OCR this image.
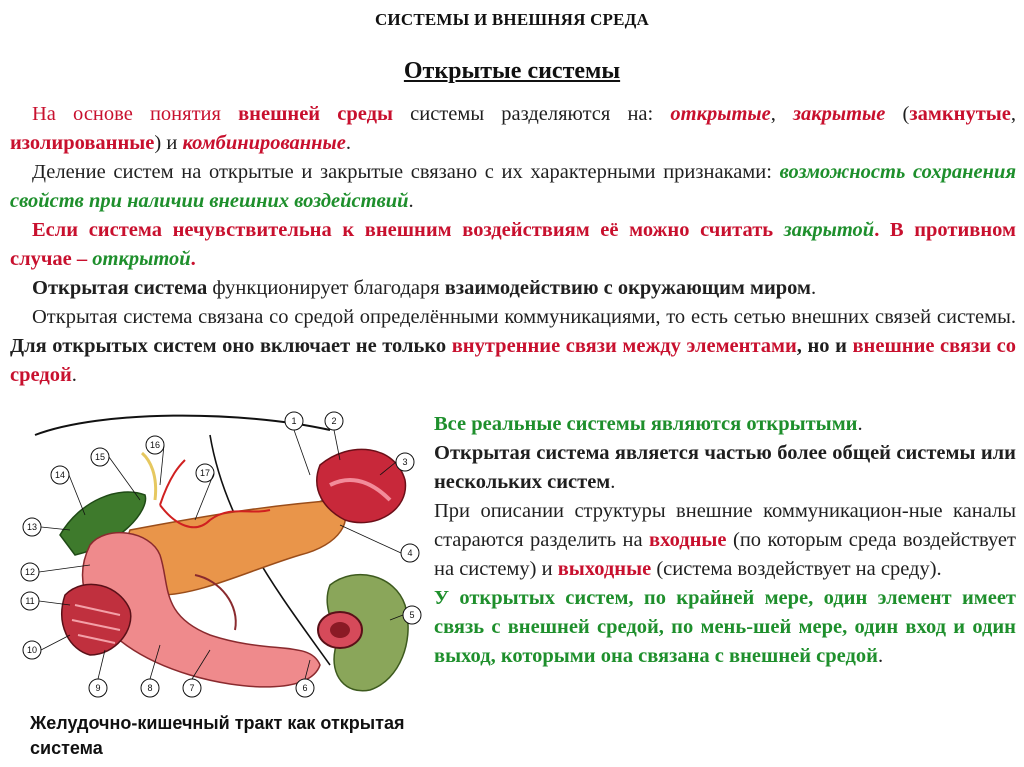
СИСТЕМЫ И ВНЕШНЯЯ СРЕДА
Открытые системы

На основе понятия внешней среды системы разделяются на: открытые, закрытые (замкнутые, изолированные) и комбинированные.

Деление систем на открытые и закрытые связано с их характерными признаками: возможность сохранения свойств при наличии внешних воздействий.

Если система нечувствительна к внешним воздействиям её можно считать закрытой. В противном случае – открытой.

Открытая система функционирует благодаря взаимодействию с окружающим миром.

Открытая система связана со средой определёнными коммуникациями, то есть сетью внешних связей системы. Для открытых систем оно включает не только внутренние связи между элементами, но и внешние связи со средой.

1	2
3
4
5
6
7
8
9
10
11
12
13
14
15
16
17
Желудочно-кишечный тракт как открытая система

Все реальные системы являются открытыми.

Открытая система является частью более общей системы или нескольких систем.

При описании структуры внешние коммуникацион-ные каналы стараются разделить на входные (по которым среда воздействует на систему) и выходные (система воздействует на среду).

У открытых систем, по крайней мере, один элемент имеет связь с внешней средой, по мень-шей мере, один вход и один выход, которыми она связана с внешней средой.
